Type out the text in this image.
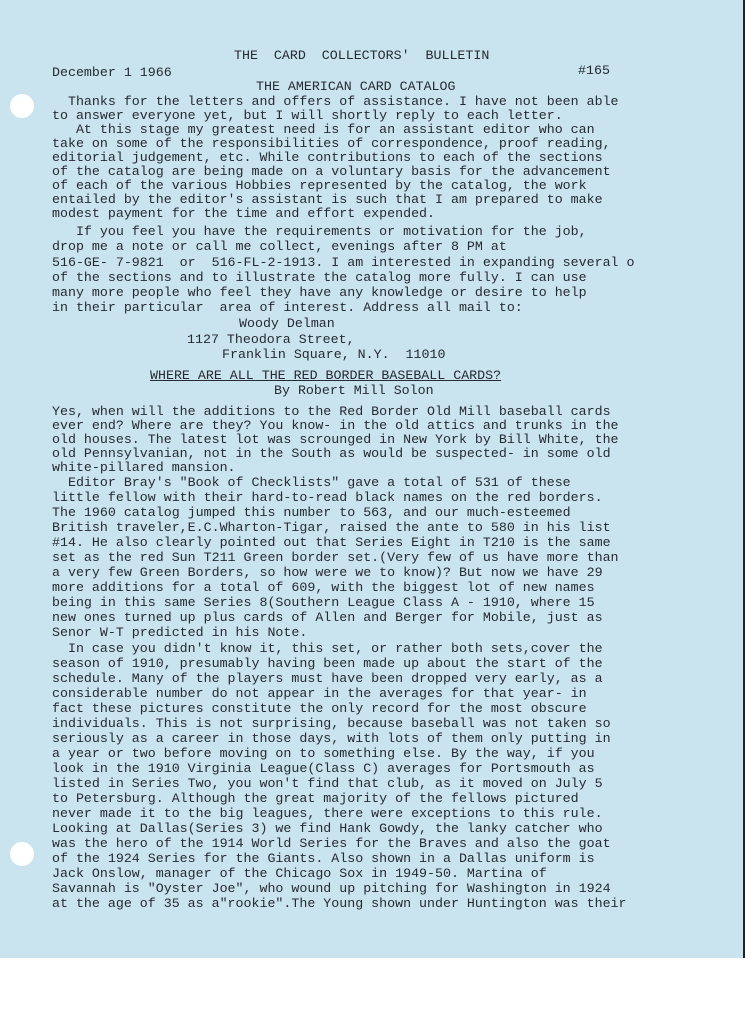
THE  CARD  COLLECTORS'  BULLETIN

December 1 1966	#165

THE AMERICAN CARD CATALOG

Thanks for the letters and offers of assistance. I have not been able

to answer everyone yet, but I will shortly reply to each letter.

At this stage my greatest need is for an assistant editor who can

take on some of the responsibilities of correspondence, proof reading,

editorial judgement, etc. While contributions to each of the sections

of the catalog are being made on a voluntary basis for the advancement

of each of the various Hobbies represented by the catalog, the work

entailed by the editor's assistant is such that I am prepared to make

modest payment for the time and effort expended.

If you feel you have the requirements or motivation for the job,

drop me a note or call me collect, evenings after 8 PM at

516-GE- 7-9821  or  516-FL-2-1913. I am interested in expanding several o

of the sections and to illustrate the catalog more fully. I can use

many more people who feel they have any knowledge or desire to help

in their particular  area of interest. Address all mail to:

Woody Delman

1127 Theodora Street,

Franklin Square, N.Y.  11010

WHERE ARE ALL THE RED BORDER BASEBALL CARDS?

By Robert Mill Solon

Yes, when will the additions to the Red Border Old Mill baseball cards

ever end? Where are they? You know- in the old attics and trunks in the

old houses. The latest lot was scrounged in New York by Bill White, the

old Pennsylvanian, not in the South as would be suspected- in some old

white-pillared mansion.

Editor Bray's "Book of Checklists" gave a total of 531 of these

little fellow with their hard-to-read black names on the red borders.

The 1960 catalog jumped this number to 563, and our much-esteemed

British traveler,E.C.Wharton-Tigar, raised the ante to 580 in his list

#14. He also clearly pointed out that Series Eight in T210 is the same

set as the red Sun T211 Green border set.(Very few of us have more than

a very few Green Borders, so how were we to know)? But now we have 29

more additions for a total of 609, with the biggest lot of new names

being in this same Series 8(Southern League Class A - 1910, where 15

new ones turned up plus cards of Allen and Berger for Mobile, just as

Senor W-T predicted in his Note.

In case you didn't know it, this set, or rather both sets,cover the

season of 1910, presumably having been made up about the start of the

schedule. Many of the players must have been dropped very early, as a

considerable number do not appear in the averages for that year- in

fact these pictures constitute the only record for the most obscure

individuals. This is not surprising, because baseball was not taken so

seriously as a career in those days, with lots of them only putting in

a year or two before moving on to something else. By the way, if you

look in the 1910 Virginia League(Class C) averages for Portsmouth as

listed in Series Two, you won't find that club, as it moved on July 5

to Petersburg. Although the great majority of the fellows pictured

never made it to the big leagues, there were exceptions to this rule.

Looking at Dallas(Series 3) we find Hank Gowdy, the lanky catcher who

was the hero of the 1914 World Series for the Braves and also the goat

of the 1924 Series for the Giants. Also shown in a Dallas uniform is

Jack Onslow, manager of the Chicago Sox in 1949-50. Martina of

Savannah is "Oyster Joe", who wound up pitching for Washington in 1924

at the age of 35 as a"rookie".The Young shown under Huntington was their
